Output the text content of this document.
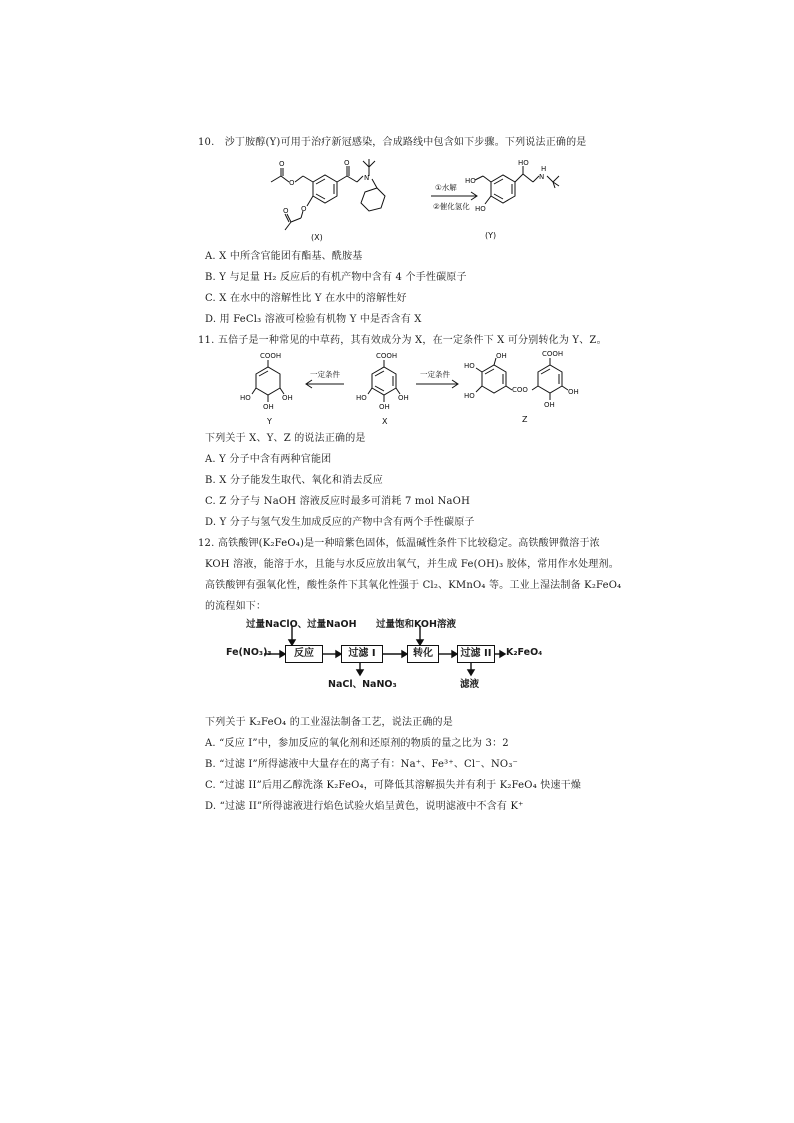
10.　沙丁胺醇(Y)可用于治疗新冠感染，合成路线中包含如下步骤。下列说法正确的是
O
O
O
O
O
N
①水解
②催化氢化
HO
HO
HO
N
H
(X)	(Y)
A. X 中所含官能团有酯基、酰胺基
B. Y 与足量 H₂ 反应后的有机产物中含有 4 个手性碳原子
C. X 在水中的溶解性比 Y 在水中的溶解性好
D. 用 FeCl₃ 溶液可检验有机物 Y 中是否含有 X
11. 五倍子是一种常见的中草药，其有效成分为 X，在一定条件下 X 可分别转化为 Y、Z。
COOH
HO
OH
OH
一定条件
COOH
HO
OH
OH
一定条件
HO
OH
HO
COO
COOH
OH
OH
Y	X	Z
下列关于 X、Y、Z 的说法正确的是
A. Y 分子中含有两种官能团
B. X 分子能发生取代、氧化和消去反应
C. Z 分子与 NaOH 溶液反应时最多可消耗 7 mol NaOH
D. Y 分子与氢气发生加成反应的产物中含有两个手性碳原子
12. 高铁酸钾(K₂FeO₄)是一种暗紫色固体，低温碱性条件下比较稳定。高铁酸钾微溶于浓
KOH 溶液，能溶于水，且能与水反应放出氧气，并生成 Fe(OH)₃ 胶体，常用作水处理剂。
高铁酸钾有强氧化性，酸性条件下其氧化性强于 Cl₂、KMnO₄ 等。工业上湿法制备 K₂FeO₄
的流程如下：
过量NaClO、过量NaOH 过量饱和KOH溶液
Fe(NO₃)₃	反应	过滤 I	转化	过滤 II	K₂FeO₄
NaCl、NaNO₃	滤液
下列关于 K₂FeO₄ 的工业湿法制备工艺，说法正确的是
A. “反应 I”中，参加反应的氧化剂和还原剂的物质的量之比为 3：2
B. “过滤 I”所得滤液中大量存在的离子有：Na⁺、Fe³⁺、Cl⁻、NO₃⁻
C. “过滤 II”后用乙醇洗涤 K₂FeO₄，可降低其溶解损失并有利于 K₂FeO₄ 快速干燥
D. “过滤 II”所得滤液进行焰色试验火焰呈黄色，说明滤液中不含有 K⁺
